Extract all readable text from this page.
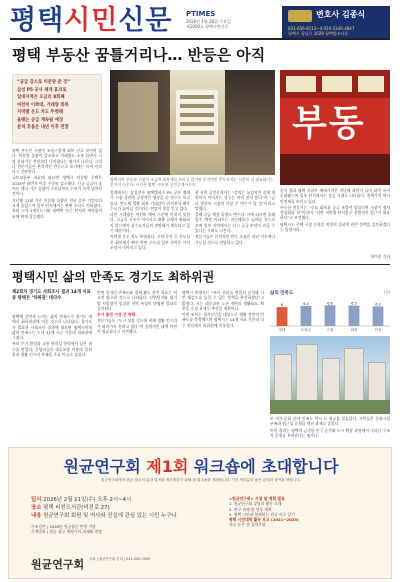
평택시민신문 PTIMES
2026년 1월 28일 수요일
제1000호 평택시민신문
변호사 김종식
031-656-8113~4 010-5346-4847
평택시 평남로 1029 평택법조타운
평택 부동산 꿈틀거리나… 반등은 아직

“공급 감소로 미분양 준 것”

삼성 P5 공사 재개 효과로

일대지역은 오금리 8회째

여전히 이쁘대, 거래량 회복

지역별 온도 차도 뚜렷해

올해는 공급 계속될 예정

분석 흐름은 내년 이후 전망

평택 부동산 시장이 조심스럽게 회복 신호 보이며 있다. 미분양 물량이 감소하고 거래량도 소폭 늘면서 시장 분위기는 작년보다 나아졌다는 평가가 나온다. 그러나 전문가들은 본격적인 반등으로 보기에는 아직 이르다고 진단한다.

국토교통부 자료에 따르면 평택시 미분양 주택은 2025년 하반기 이후 꾸준히 감소했다. 신규 공급이 줄어든 데다 기존 물량이 소진되면서 수치가 크게 낮아진 것이다.

지난해 12월 기준 미분양 물량은 전년 같은 기간보다 크게 줄었으며 일부 단지에서는 완판 소식도 잇따랐다. 특히 고덕국제신도시와 평택역 인근 단지의 계약률이 눈에 띄게 상승했다.

평택지역 부동산 시장이 조금씩 회복세를 보이고 있지만 본격적인 반등까지는 시간이 더 필요하다는 분석이 나온다. 사진은 평택 시내 한 공인중개사무소.
부동

업계에서는 삼성전자 평택캠퍼스 P5 공사 재개가 시장 심리에 긍정적인 영향을 준 것으로 보고 있다. 반도체 업황 회복 기대감이 커지면서 배후 수요가 늘어날 것이라는 전망이 힘을 얻고 있다.

다만 거래량은 여전히 예년 수준에 미치지 못한다. 고금리 기조가 이어지고 대출 규제가 완화되지 않으면서 실수요자들의 관망세가 계속되고 있기 때문이다.

지역별 온도 차도 뚜렷하다. 고덕·동삭 등 신도심은 회복세가 빠른 반면 구도심 일부 지역은 가격 조정이 이어지고 있다.

한 지역 공인중개사는 “문의는 늘었지만 실제 계약까지 이어지는 경우는 아직 많지 않다”며 “금리 방향이 시장의 가장 큰 변수가 될 것”이라고 말했다.

올해 공급 예정 물량도 변수다. 시에 따르면 올해 입주 예정 아파트는 지난해보다 늘어날 것으로 보여 일부 지역에서는 다시 공급 부담이 커질 수 있다는 우려도 나온다.

전문가들은 본격적인 반등 흐름은 내년 이후에나 가능할 것으로 전망하고 있다.

분석 결과 평택 아파트 매매가격은 지난해 하반기 들어 하락 폭이 둔화됐으며 일부 단지에서는 상승 거래도 나타났다. 전세가격 역시 안정세를 보이고 있다.

부동산 전문가는 “수요 회복과 공급 조절이 맞물리면 시장이 점차 정상화될 것”이라며 “다만 지역별·단지별로 선별적인 접근이 필요하다”고 조언했다.

평택시도 주택 시장 동향을 면밀히 살피며 관련 정책을 검토하겠다는 입장이다.

한미선 기자
평택시민 삶의 만족도 경기도 최하위권
제2회차 경기도 사회조사 결과 14개 지표 중 평택은 ‘하위권’ 대다수

평택에 살면서 느끼는 삶의 만족도가 경기도 내에서 최하위권에 머문 것으로 나타났다. 경기도가 발표한 사회조사 결과에 따르면 평택시민의 삶의 만족도는 도내 31개 시군 가운데 하위권에 그쳤다.

특히 주거 환경과 교통 편의성 항목에서 낮은 점수를 받았다. 응답자들은 대중교통 이용의 불편함과 생활 인프라 부족을 주요 이유로 꼽았다.

반면 일자리 만족도와 경제 활동 관련 지표는 비교적 양호한 것으로 나타났다. 산업단지와 대기업 사업장이 밀집한 지역 특성이 반영된 결과로 풀이된다.

주거 불만 가장 큰 평택

전문가들은 “도시 성장 속도에 비해 생활 인프라가 따라가지 못하고 있다”며 종합적인 대책 마련이 필요하다고 지적했다.

평택시 관계자는 “조사 결과를 면밀히 분석해 시민 체감도를 높일 수 있는 정책을 추진하겠다”고 밝혔다. 시는 대중교통 노선 개편과 생활SOC 확충을 중점 과제로 추진할 계획이다.

이번 조사는 경기도민을 대상으로 생활 전반의 만족도를 측정했으며 평택시는 14개 지표 가운데 다수 항목에서 하위권에 머물렀다.

삶의 만족도	(점)
6
평택
6.4
도평균
6.6
수원
6.5
화성
6.2
안성

또 여가·문화 분야 만족도 역시 도 평균을 밑돌았다. 시민들은 문화시설 부족과 접근성 문제를 개선 과제로 꼽았다.

이번 결과는 평택의 급격한 인구 증가와 도시 확장 과정에서 나타난 구조적 문제를 보여준다는 평가다.

원균연구회 제1회 워크숍에 초대합니다
원균연구회에서 원균 장군의 삶과 업적을 재조명하기 위해 첫 워크숍을 개최합니다. 시민 여러분의 많은 관심과 참여를 바랍니다.
일시 2026년 2월 11일(수) 오후 2시~4시
장소 평택 비전도서관(비전로 27)
내용 원균연구회 회원 및 역사와 진실에 관심 있는 시민 누구나
기조강연 | 2026년 원균장군 탄생 기념
주제발표 | 원균 장군 재평가의 과제와 전망
<원균연구회> 사업 및 계획 발표
1. 원균연구회 창립과 활동 소개
2. 연구 과제 및 향후 계획
3. 평택 시민과 함께하는 원균 바로 알기
평택 시민대학 활동 보고 (2021~2025)
자유 토론 및 질의응답
원균연구회 주최 | 원균연구회 문의 | 031-000-0000
